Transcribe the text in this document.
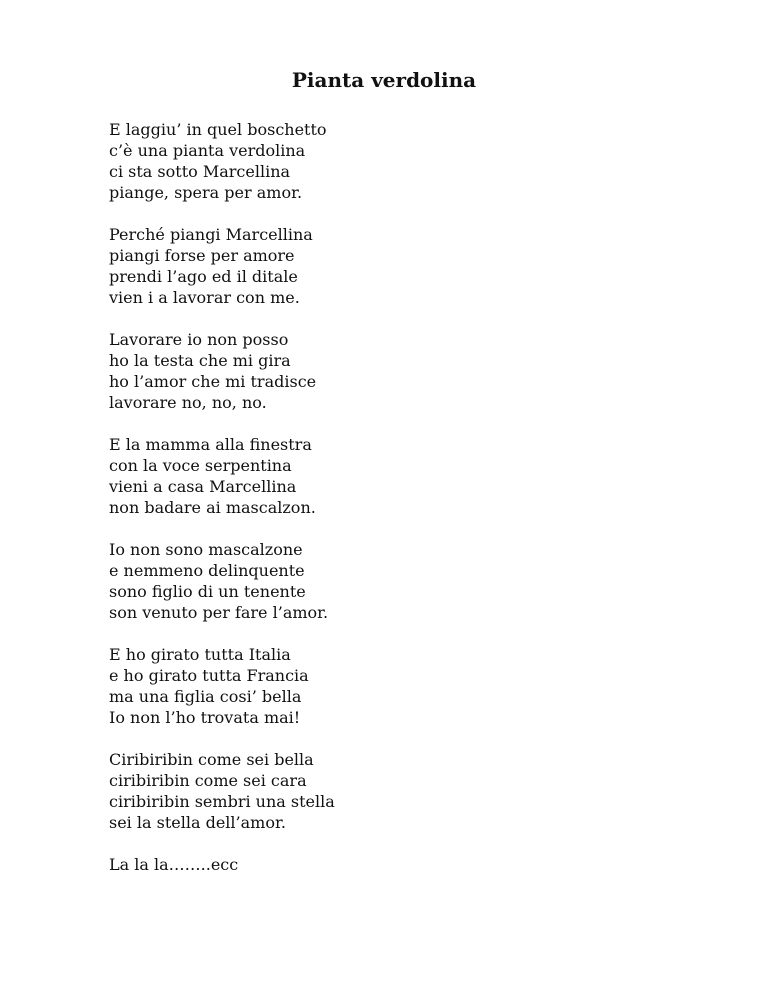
Pianta verdolina
E laggiu’ in quel boschetto
c’è una pianta verdolina
ci sta sotto Marcellina
piange, spera per amor.
Perché piangi Marcellina
piangi forse per amore
prendi l’ago ed il ditale
vien i a lavorar con me.
Lavorare io non posso
ho la testa che mi gira
ho l’amor che mi tradisce
lavorare no, no, no.
E la mamma alla finestra
con la voce serpentina
vieni a casa Marcellina
non badare ai mascalzon.
Io non sono mascalzone
e nemmeno delinquente
sono figlio di un tenente
son venuto per fare l’amor.
E ho girato tutta Italia
e ho girato tutta Francia
ma una figlia cosi’ bella
Io non l’ho trovata mai!
Ciribiribin come sei bella
ciribiribin come sei cara
ciribiribin sembri una stella
sei la stella dell’amor.
La la la……..ecc
